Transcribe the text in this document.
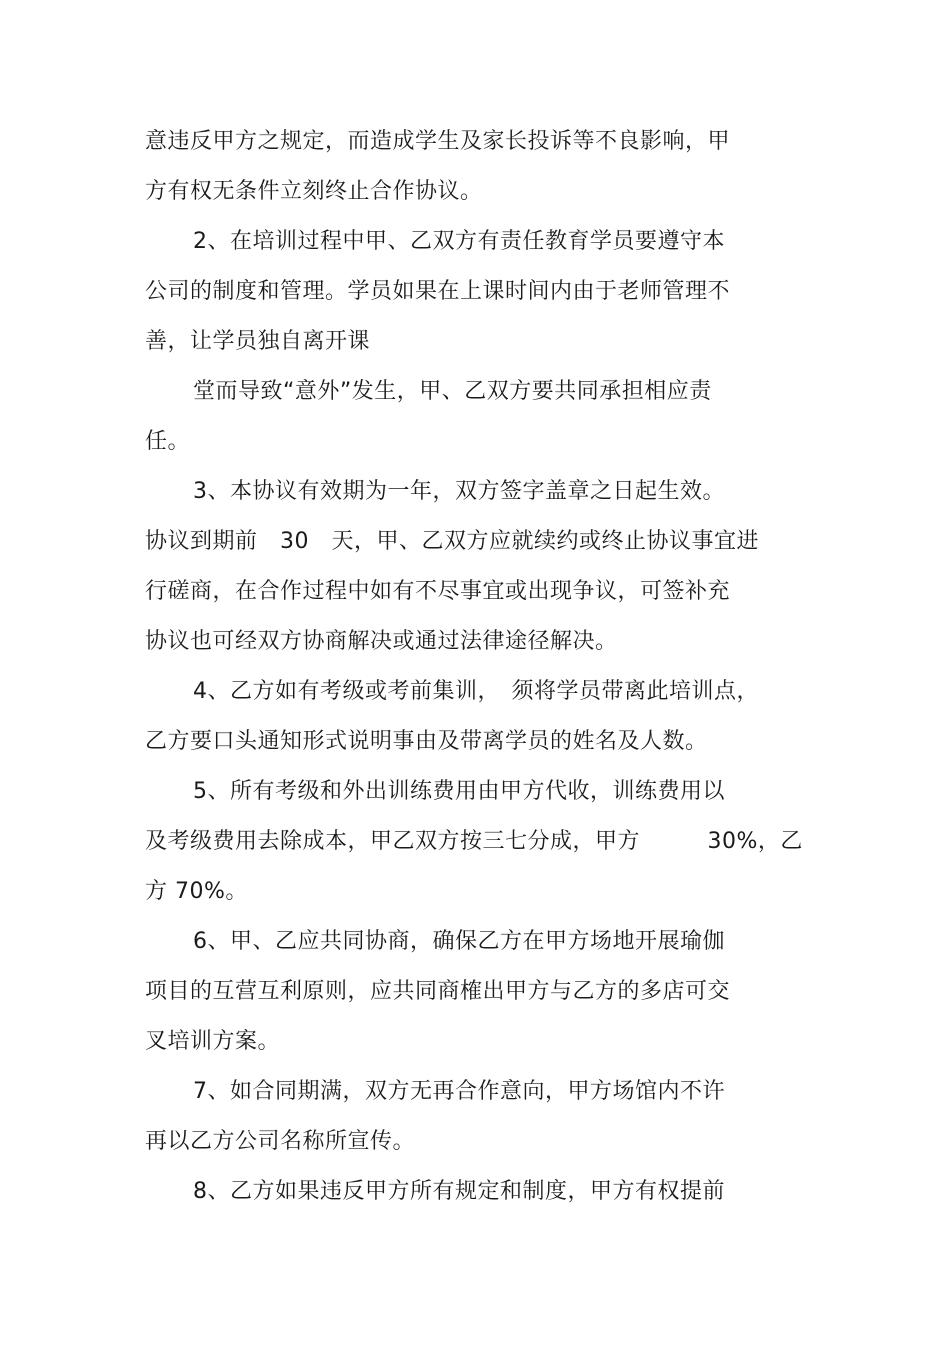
意违反甲方之规定，而造成学生及家长投诉等不良影响，甲

方有权无条件立刻终止合作协议。

2、在培训过程中甲、乙双方有责任教育学员要遵守本

公司的制度和管理。学员如果在上课时间内由于老师管理不

善，让学员独自离开课

堂而导致“意外”发生，甲、乙双方要共同承担相应责

任。

3、本协议有效期为一年，双方签字盖章之日起生效。

协议到期前　30　天，甲、乙双方应就续约或终止协议事宜进

行磋商，在合作过程中如有不尽事宜或出现争议，可签补充

协议也可经双方协商解决或通过法律途径解决。

4、乙方如有考级或考前集训，　须将学员带离此培训点，

乙方要口头通知形式说明事由及带离学员的姓名及人数。

5、所有考级和外出训练费用由甲方代收，训练费用以

及考级费用去除成本，甲乙双方按三七分成，甲方　　　30%，乙

方 70%。

6、甲、乙应共同协商，确保乙方在甲方场地开展瑜伽

项目的互营互利原则，应共同商榷出甲方与乙方的多店可交

叉培训方案。

7、如合同期满，双方无再合作意向，甲方场馆内不许

再以乙方公司名称所宣传。

8、乙方如果违反甲方所有规定和制度，甲方有权提前
